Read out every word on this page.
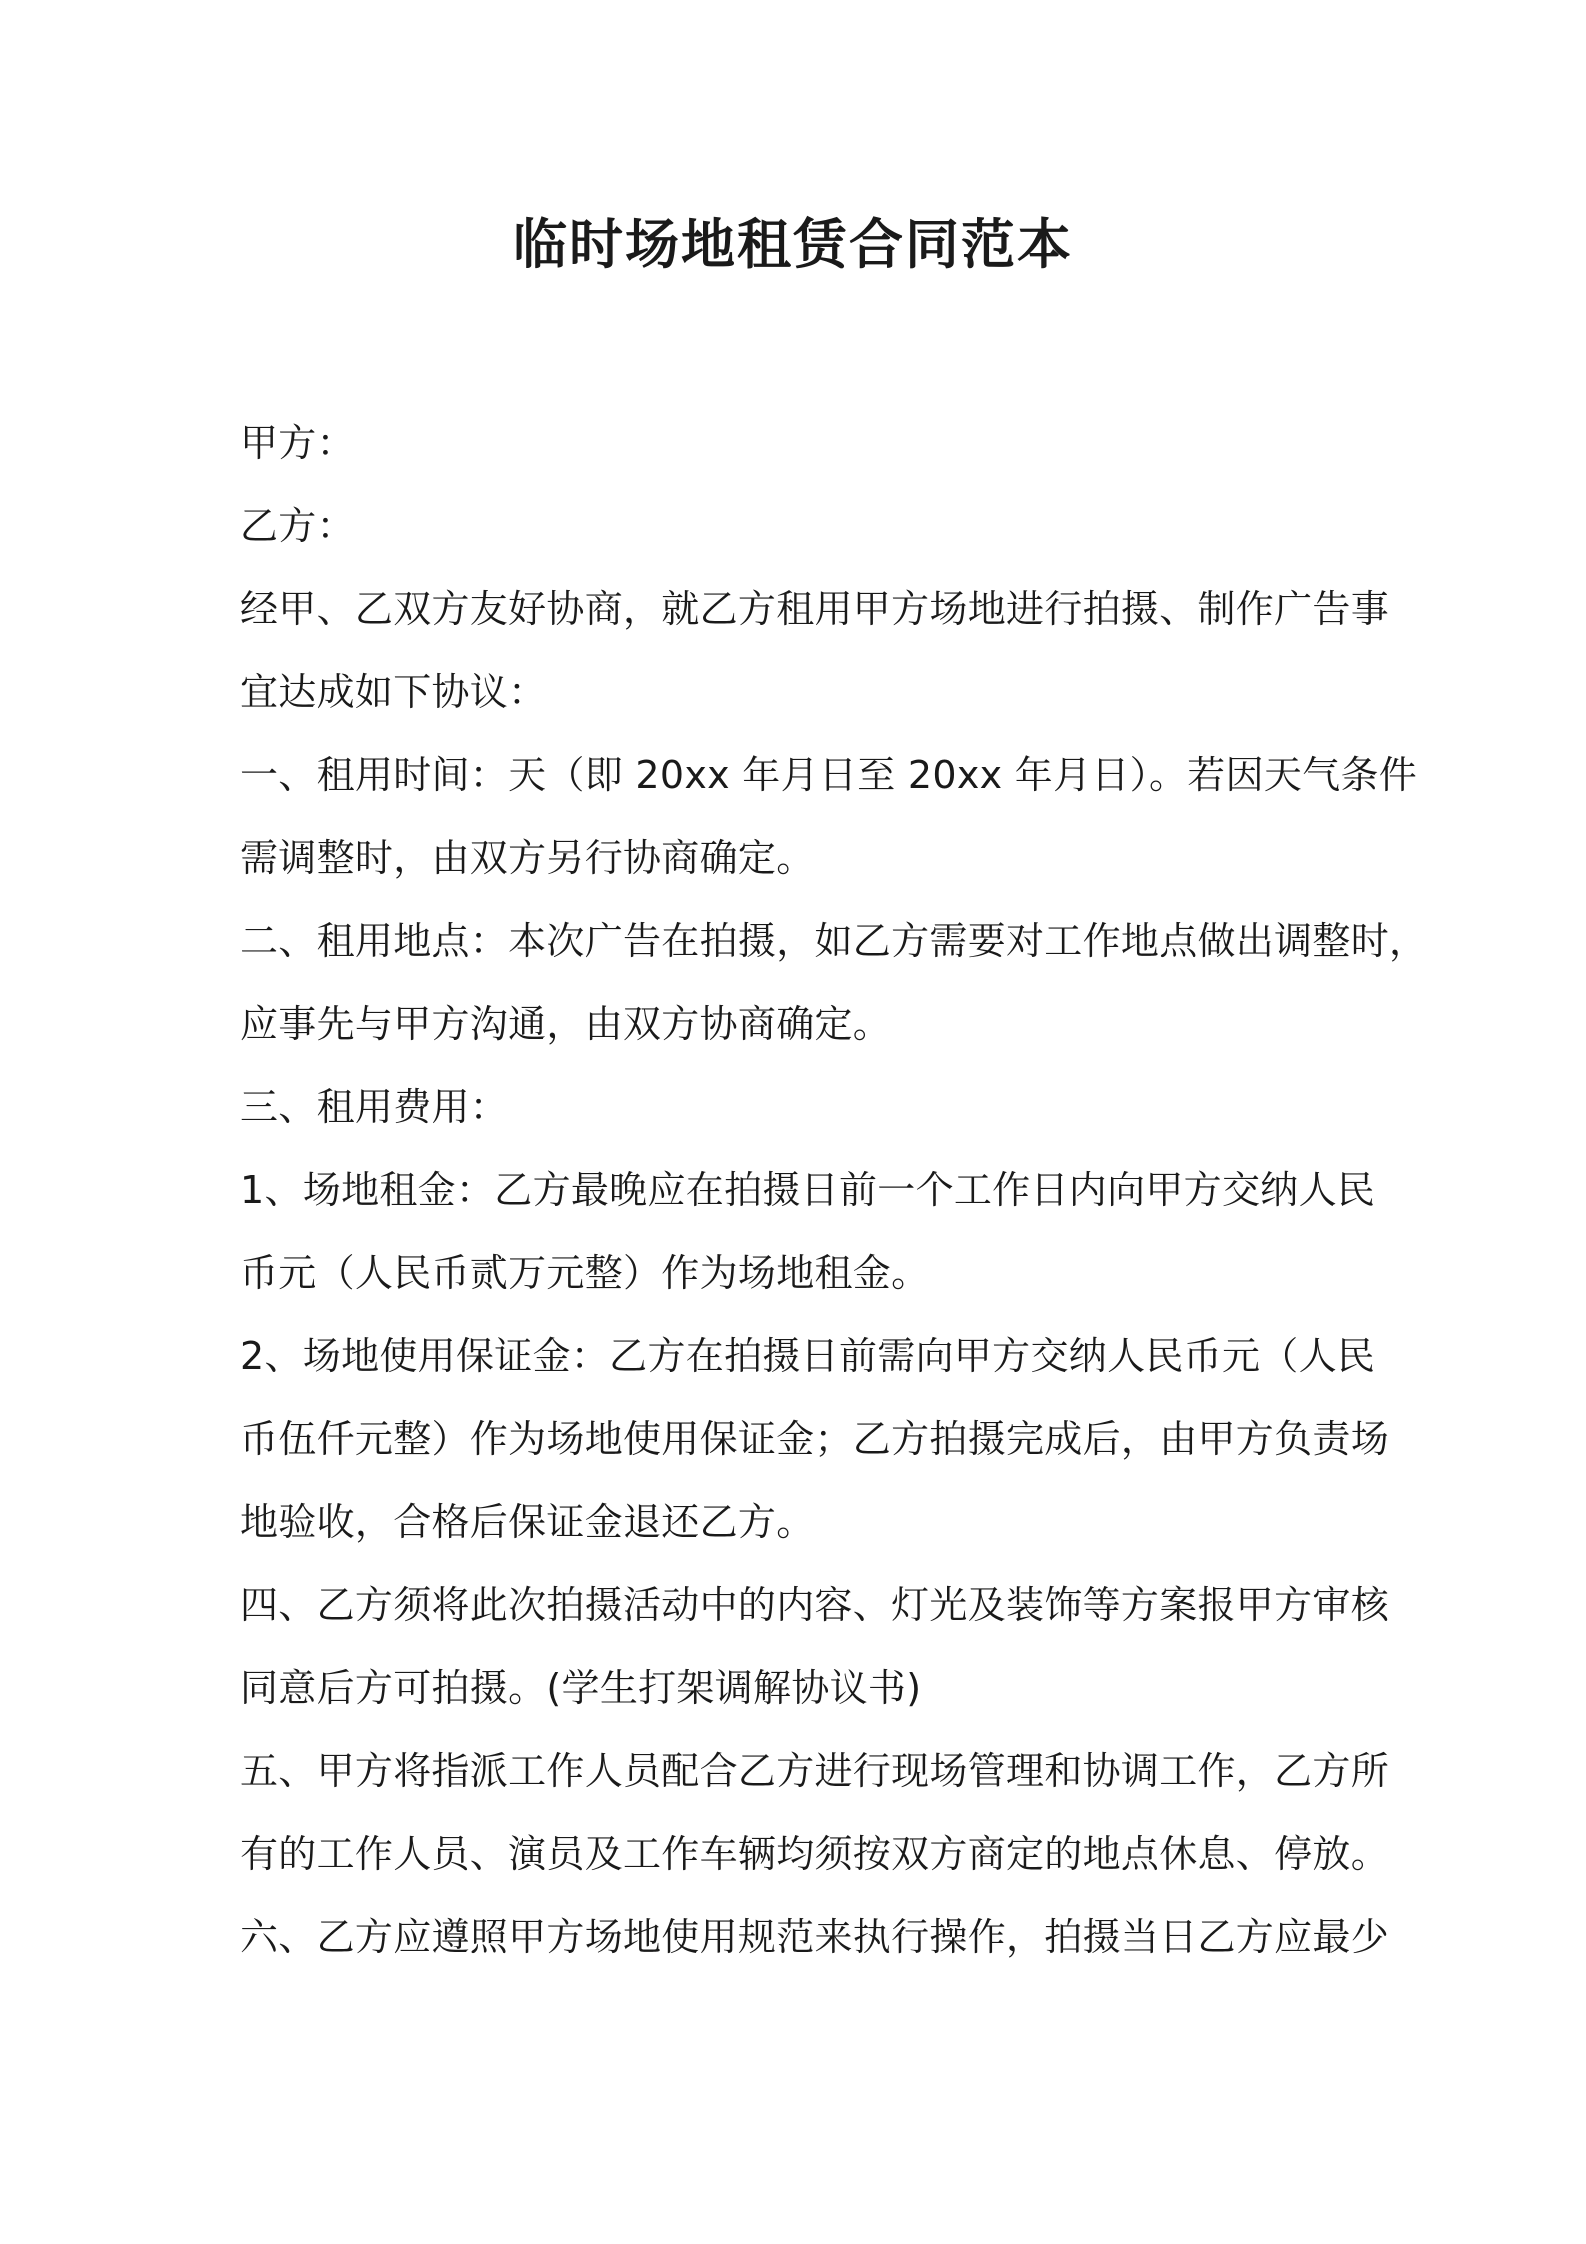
临时场地租赁合同范本
甲方：
乙方：
经甲、乙双方友好协商，就乙方租用甲方场地进行拍摄、制作广告事
宜达成如下协议：
一、租用时间：天（即 20xx 年月日至 20xx 年月日）。若因天气条件
需调整时，由双方另行协商确定。
二、租用地点：本次广告在拍摄，如乙方需要对工作地点做出调整时，
应事先与甲方沟通，由双方协商确定。
三、租用费用：
1、场地租金：乙方最晚应在拍摄日前一个工作日内向甲方交纳人民
币元（人民币贰万元整）作为场地租金。
2、场地使用保证金：乙方在拍摄日前需向甲方交纳人民币元（人民
币伍仟元整）作为场地使用保证金；乙方拍摄完成后，由甲方负责场
地验收，合格后保证金退还乙方。
四、乙方须将此次拍摄活动中的内容、灯光及装饰等方案报甲方审核
同意后方可拍摄。(学生打架调解协议书)
五、甲方将指派工作人员配合乙方进行现场管理和协调工作，乙方所
有的工作人员、演员及工作车辆均须按双方商定的地点休息、停放。
六、乙方应遵照甲方场地使用规范来执行操作，拍摄当日乙方应最少
